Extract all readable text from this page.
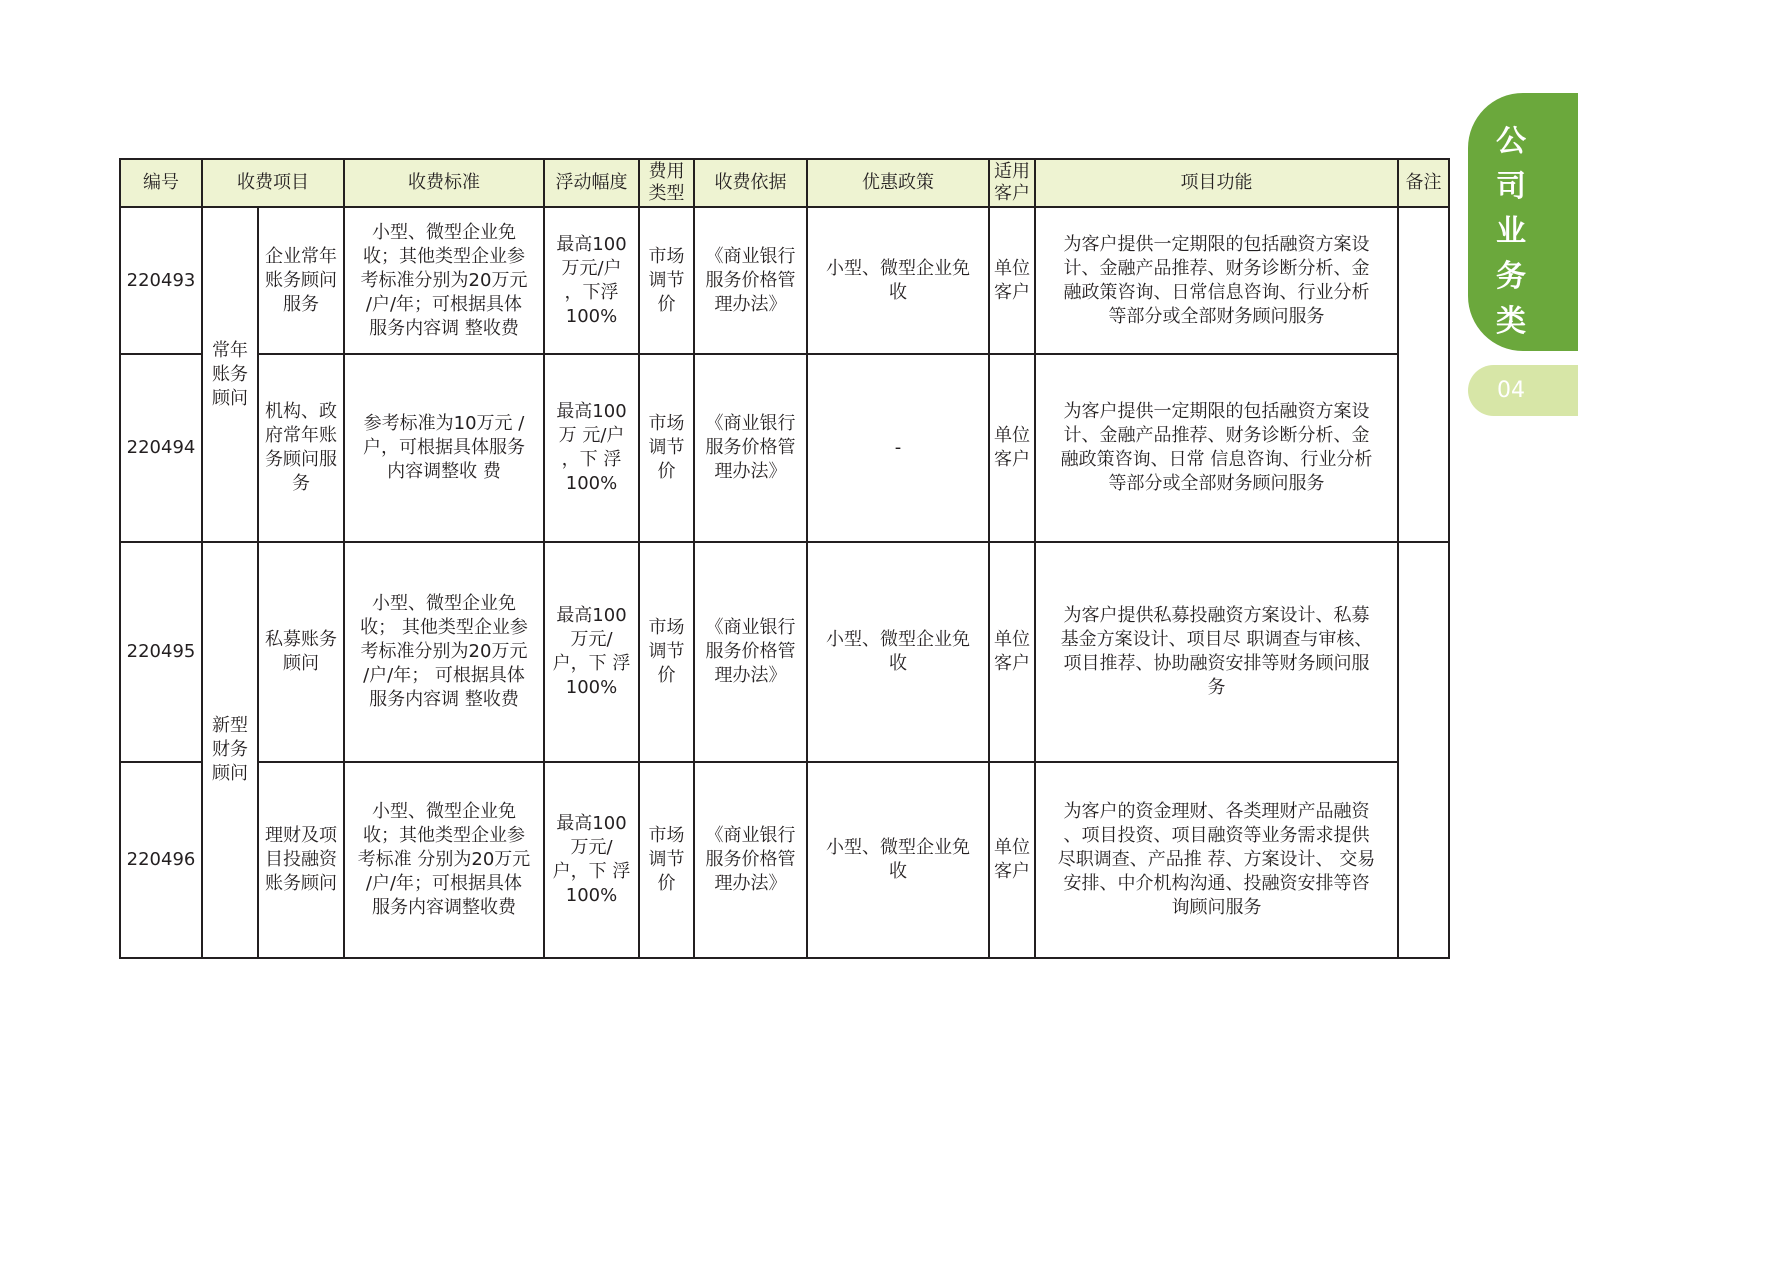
编号	收费项目		收费标准	浮动幅度	费用
类型	收费依据	优惠政策	适用
客户	项目功能	备注
220493	常年
账务
顾问	企业常年
账务顾问
服务	小型、微型企业免
收；其他类型企业参
考标准分别为20万元
/户/年；可根据具体
服务内容调 整收费	最高100
万元/户
，下浮
100%	市场
调节
价	《商业银行
服务价格管
理办法》	小型、微型企业免
收	单位
客户	为客户提供一定期限的包括融资方案设
计、金融产品推荐、财务诊断分析、金
融政策咨询、日常信息咨询、行业分析
等部分或全部财务顾问服务	
220494		机构、政
府常年账
务顾问服
务	参考标准为10万元 /
户，可根据具体服务
内容调整收 费	最高100
万 元/户
，下 浮
100%	市场
调节
价	《商业银行
服务价格管
理办法》	-	单位
客户	为客户提供一定期限的包括融资方案设
计、金融产品推荐、财务诊断分析、金
融政策咨询、日常 信息咨询、行业分析
等部分或全部财务顾问服务	
220495	新型
财务
顾问	私募账务
顾问	小型、微型企业免
收； 其他类型企业参
考标准分别为20万元
/户/年； 可根据具体
服务内容调 整收费	最高100
万元/
户，下 浮
100%	市场
调节
价	《商业银行
服务价格管
理办法》	小型、微型企业免
收	单位
客户	为客户提供私募投融资方案设计、私募
基金方案设计、项目尽 职调查与审核、
项目推荐、协助融资安排等财务顾问服
务	
220496		理财及项
目投融资
账务顾问	小型、微型企业免
收；其他类型企业参
考标准 分别为20万元
/户/年；可根据具体
服务内容调整收费	最高100
万元/
户，下 浮
100%	市场
调节
价	《商业银行
服务价格管
理办法》	小型、微型企业免
收	单位
客户	为客户的资金理财、各类理财产品融资
、项目投资、项目融资等业务需求提供
尽职调查、产品推 荐、方案设计、 交易
安排、中介机构沟通、投融资安排等咨
询顾问服务	
公
司
业
务
类
04
